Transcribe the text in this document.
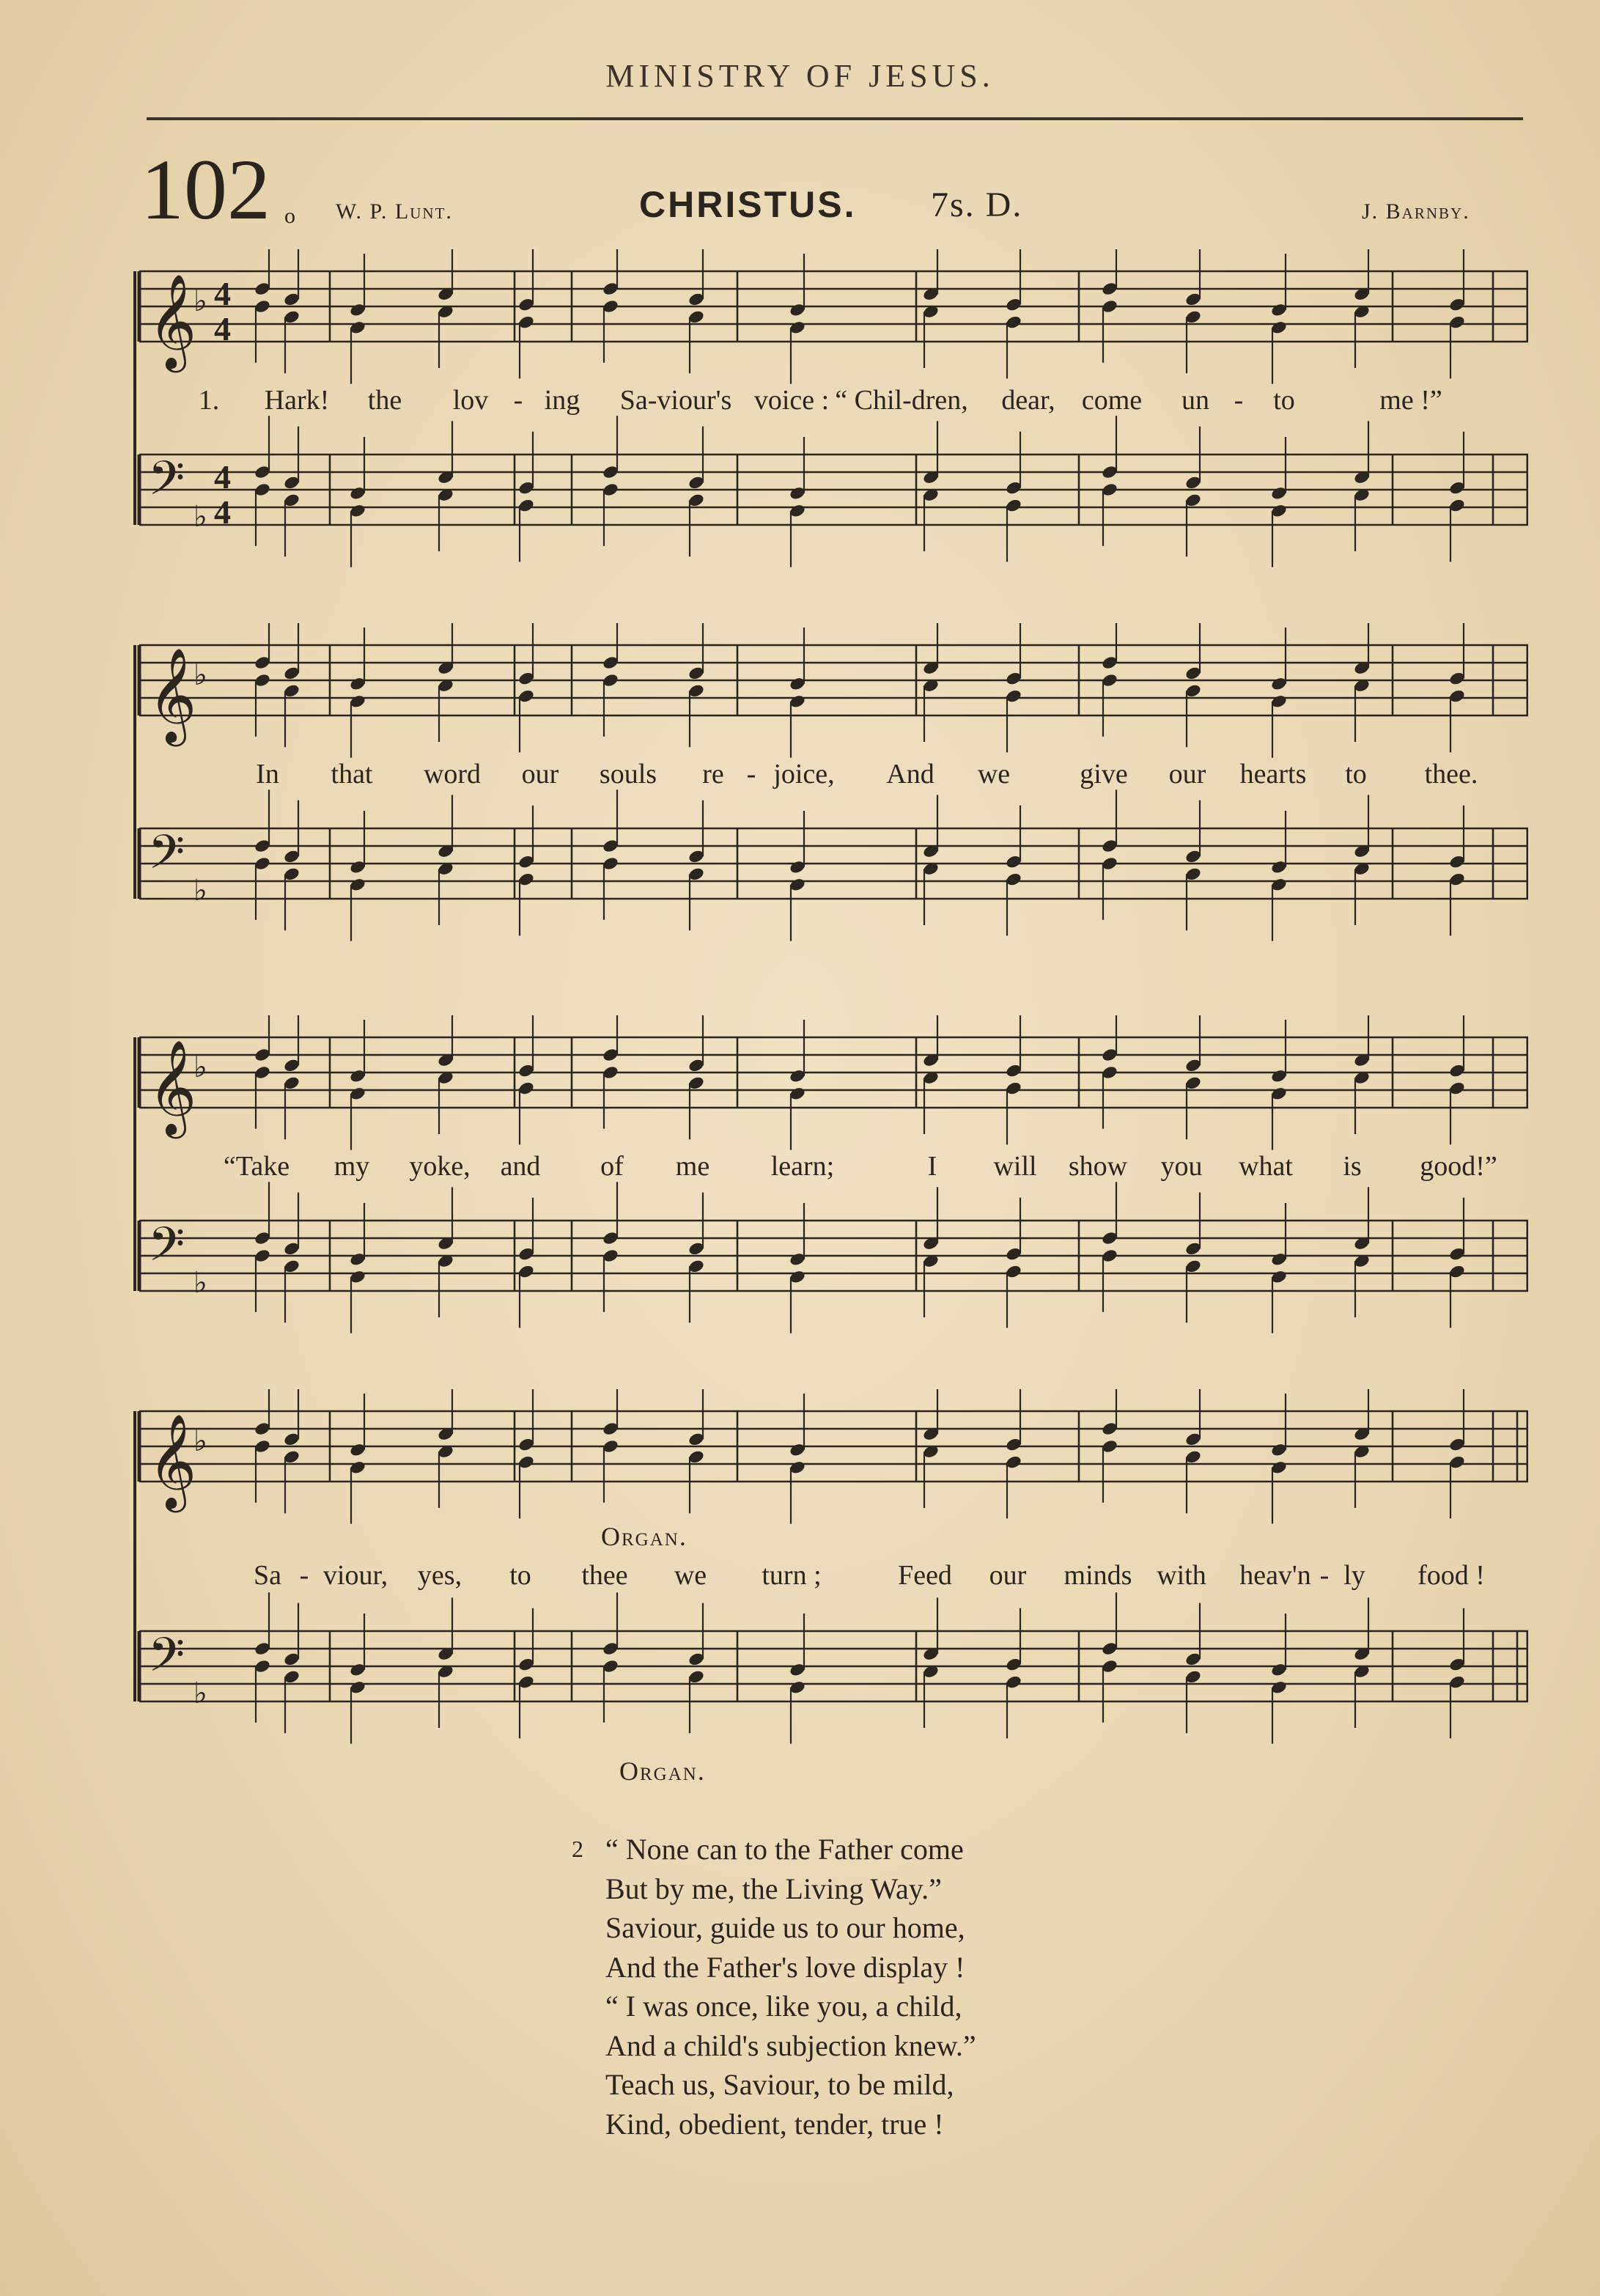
MINISTRY OF JESUS.
102 o W. P. Lunt.	CHRISTUS. 7s. D.	J. Barnby.
𝄞
♭ 4
4
𝄢 ♭
4
4
1. Hark! the lov - ing Sa-viour's voice : “ Chil-dren, dear, come un - to	me !”
𝄞
♭
𝄢 ♭
In that word our souls re - joice, And we	give our hearts to thee.
𝄞
♭
𝄢 ♭
“Take my yoke, and of me learn;	I will show you what is good!”
𝄞
♭
𝄢 ♭
Organ.
Sa - viour, yes, to thee we turn ;	Feed our minds with heav'n - ly food !
Organ.
2 “ None can to the Father come
But by me, the Living Way.”
Saviour, guide us to our home,
And the Father's love display !
“ I was once, like you, a child,
And a child's subjection knew.”
Teach us, Saviour, to be mild,
Kind, obedient, tender, true !
